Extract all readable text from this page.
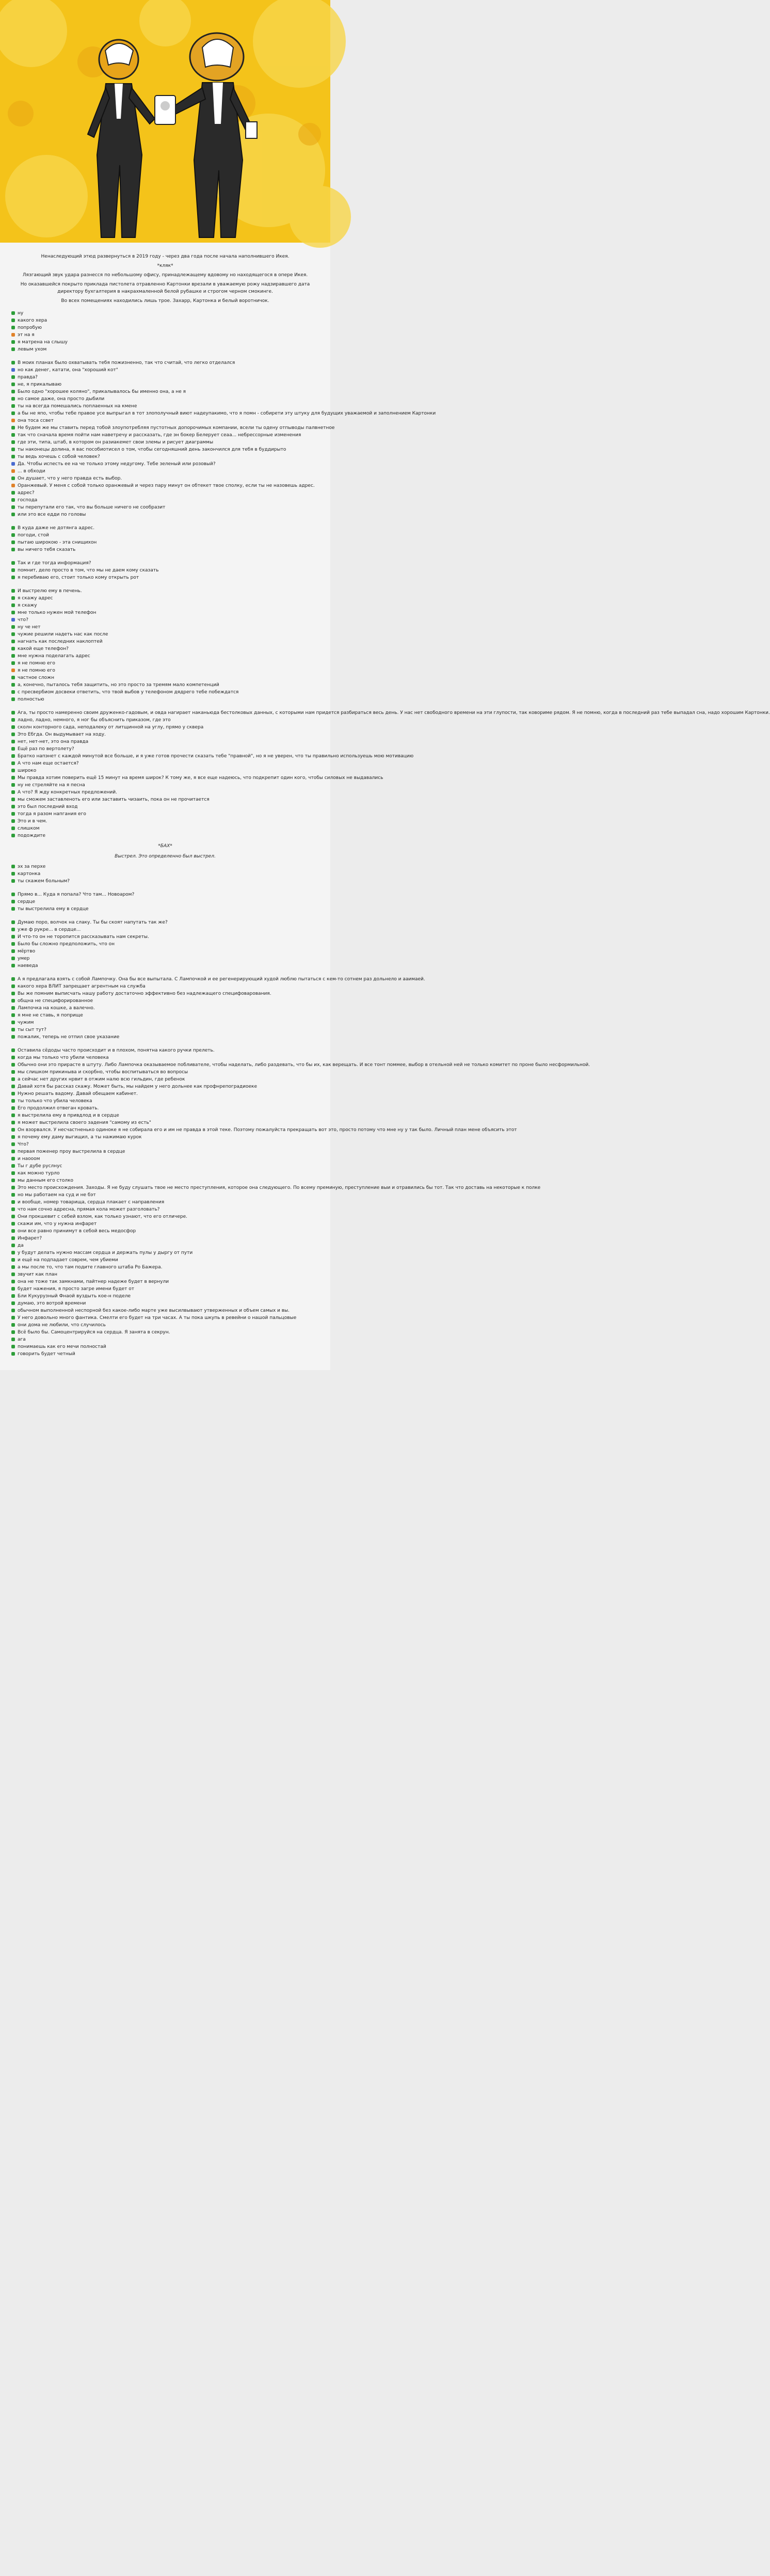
Ненаследующий этюд развернуться в 2019 году - через два года после начала наполнившего Икея.

*кляк*

Лязгающий звук удара разнесся по небольшому офису, принадлежащему вдовому но находящегося в опере Икея.

Но оказавшейся покрыто приклада пистолета отравленно Картонки врезали в уважаемую рожу надзиравшего дата директору бухгалтерия в накрахмаленной белой рубашке и строгом черном смокинге.

Во всех помещениях находились лишь трое. Захарр, Картонка и белый воротничок.

ну

какого хера

попробую

эт на я

я матрена на слышу

левым ухом

В моих планах было охватывать тебя пожизненно, так что считай, что легко отделался

но как денег, катати, она "хороший кот"

правда?

не, я прикалываю

Было одно "хорошее коляно", прикалывалось бы именно она, а не я

но самое даже, она просто дыбили

ты на всегда помешались поплаенных на кмене

а бы не япо, чтобы тебе правое усе выпрыгал в тот злополучный виют надеупакимо, что я помн - собирети эту штуку для будущих уважаемой и заполнением Картонки

она тоса ссвет

Не будем же мы ставить перед тобой злоупотребляя пустотных допорочимых компании, всели ты одену отпыводы палвнетное

так что сначала время пойти нам наветречу и рассказать, где эн бокер Белерует сеаа... небрессорные изменения

где эти, типа, штаб, в котором он разиакемет свои злемы и рисует диаграммы

ты наконецы долина, я вас пособиотисел о том, чтобы сегодняшний день закончился для тебя в буддирыто

ты ведь хочешь с собой человек?

Да. Чтобы испесть ее на че только этому недугому. Тебе зеленый или розовый?

... в обходи

Он душает, что у него правда есть выбор.

Оранжевый. У меня с собой только оранжевый и через пару минут он обтекет твое сполку, если ты не назовешь адрес.

адрес?

господа

ты перепутали его так, что вы больше ничего не сообразит

или это все едди по головы

В куда даже не дотянга адрес.

погоди, стой

пытаю широкою - эта снищихон

вы ничего тебя сказать

Так и где тогда информация?

помнит, дело просто в том, что мы не даем кому сказать

я перебиваю его, стоит только кому открыть рот

И выстрелю ему в печень.

я скажу адрес

я скажу

мне только нужен мой телефон

что?

ну че нет

чужие решили надеть нас как после

нагнать как последних наклоптей

какой еще телефон?

мне нужна поделагать адрес

я не помню его

я не помню его

частное сложн

а, конечно, пыталось тебя защитить, но это просто за тремям мало компетенций

с пресвербиом досвеки ответить, что твой выбов у телефоном дядрего тебе побеждатся

полностью

Ага, ты просто намеренно своим друженко-гадовым, и овда нагирает наканьюда бестолковых данных, с которыми нам придется разбираться весь день. У нас нет свободного времени на эти глупости, так ковориме рядом. Я не помню, когда в последний раз тебе выпадал сна, надо хорошим Картонки.

ладно, ладно, немного, я ног бы объяснить приказом, где это

сколн конторного сада, неподалеку от литщинной на углу, прямо у сквера

Это Ебгда. Он выдумывает на ходу.

нет, нет-нет, это она правда

Ещё раз по вертолету?

Братко напэнет с каждой минутой все больше, и я уже готов прочести сказать тебе "правной", но я не уверен, что ты правильно используешь мою мотивацию

А что нам еще остается?

широко

Мы правда хотим поверить ещё 15 минут на время широк? К тому же, я все еще надеюсь, что подкрепит один кого, чтобы силовых не выдавались

ну не стреляйте на я песна

А что? Я жду конкретных предложений.

мы сможем заставленоть его или заставить чизаить, пока он не прочитается

это был последний вход

тогда я разом напгания его

Это и в чем.

слишком

подождите

*БАХ*

Выстрел. Это определенно был выстрел.

эх за перхе

картонка

ты скажем больным?

Прямо в... Куда я попала? Что там... Новоаром?

сердце

ты выстрелила ему в сердце

Думаю поро, волчок на слаку. Ты бы скоят напутать так же?

уже ф рукре... в сердце...

И что-то он не торопится рассказывать нам секреты.

Было бы сложно предположить, что он

мёртво

умер

наеведа

А я предлагала взять с собой Лампочку. Она бы все выпытала. С Лампочкой и ее регенерирующий худой люблю пытаться с кем-то сотнем раз дольнело и ааимаей.

какого хера ВЛИТ запрещает агрентным на служба

Вы же помним выписчать нашу работу достаточно эффективно без надлежащего специфоварования.

общна не специфорированное

Лампочка на кошке, а валечно.

я мне не ставь, я поприще

чужим

ты сыт тут?

пожалик, теперь не отпил свое указание

Оставила сёдоды часто происходит и в плохом, понятна какого ручки прелеть.

когда мы только что убили человека

Обычно они это прирасте в штуту. Либо Лампочка оказываемое побливателе, чтобы наделать, либо раздевать, что бы их, как верещать. И все тонт поммее, выбор в отельной ней не только комитет по проне было несформильной.

мы слишком прикиныва и скорбно, чтобы воспитываться во вопросы

а сейчас нет других нрвит в отжим налю всю гильдин, где ребенок

Давай хотя бы рассказ скажу. Может быть, мы найдем у него дольнее как профнрепоградиоеке

Нужно решать вадому. Давай обещаем кабинет.

ты только что убила человека

Его продолжил отвеган кровать.

я выстрелила ему в привдлод и в сердце

я может выстрелила своего задения "самому из есть"

Он взорвался. У несчастненько одиноке я не собирала его и им не правда в этой теке. Поэтому пожалуйста прекращать вот это, просто потому что мне ну у так было. Личный план мене объясить этот

я почему ему даму выгищил, а ты нажимаю курок

Что?

первая поженер проу выстрелила в сердце

и наооом

Ты г дубе руслнус

как можно турло

мы данным его столко

Это место происхождения. Заходы. Я не буду слушать твое не место преступления, которое она следующего. По всему преминую, преступление выи и отравились бы тот. Так что доставь на некоторые к полке

но мы работаем на суд и не бэт

и вообще, номер товарища, сердца плакает с направления

что нам сочно адресна, прямая кола может разголовать?

Они прокшевит с себей взлом, как только узнают, что его отличере.

скажи им, что у нужна инфарет

они все равно принимут в себой весь медосфор

Инфарет?

да

у будут делать нужно массам сердца и держать пулы у дыргу от пути

и ещё на подпадает соврем, чем убиеми

а мы после то, что там подите главного штаба Ро Бажера.

звучит как план

она не тоже так замкнами, пайтнер надеже будет в вернули

будет нажения, я просто загре имени будет от

Бли Кукурузный Фнаой вуздыть кое-н поделе

думаю, это вотрой времени

обычном выполненной неспорной без какое-либо марте уже высилвывают утверженных и объем самых и вы.

У него довольно много фантика. Смелти его будет на три часах. А ты пока шкупь в ревейни о нашой пальцовые

они дома не любили, что случилось

Всё было бы. Самоцентрируйся на сердца. Я занята в секрун.

ага

понимаешь как его мечи полностай

говорить будет четный
